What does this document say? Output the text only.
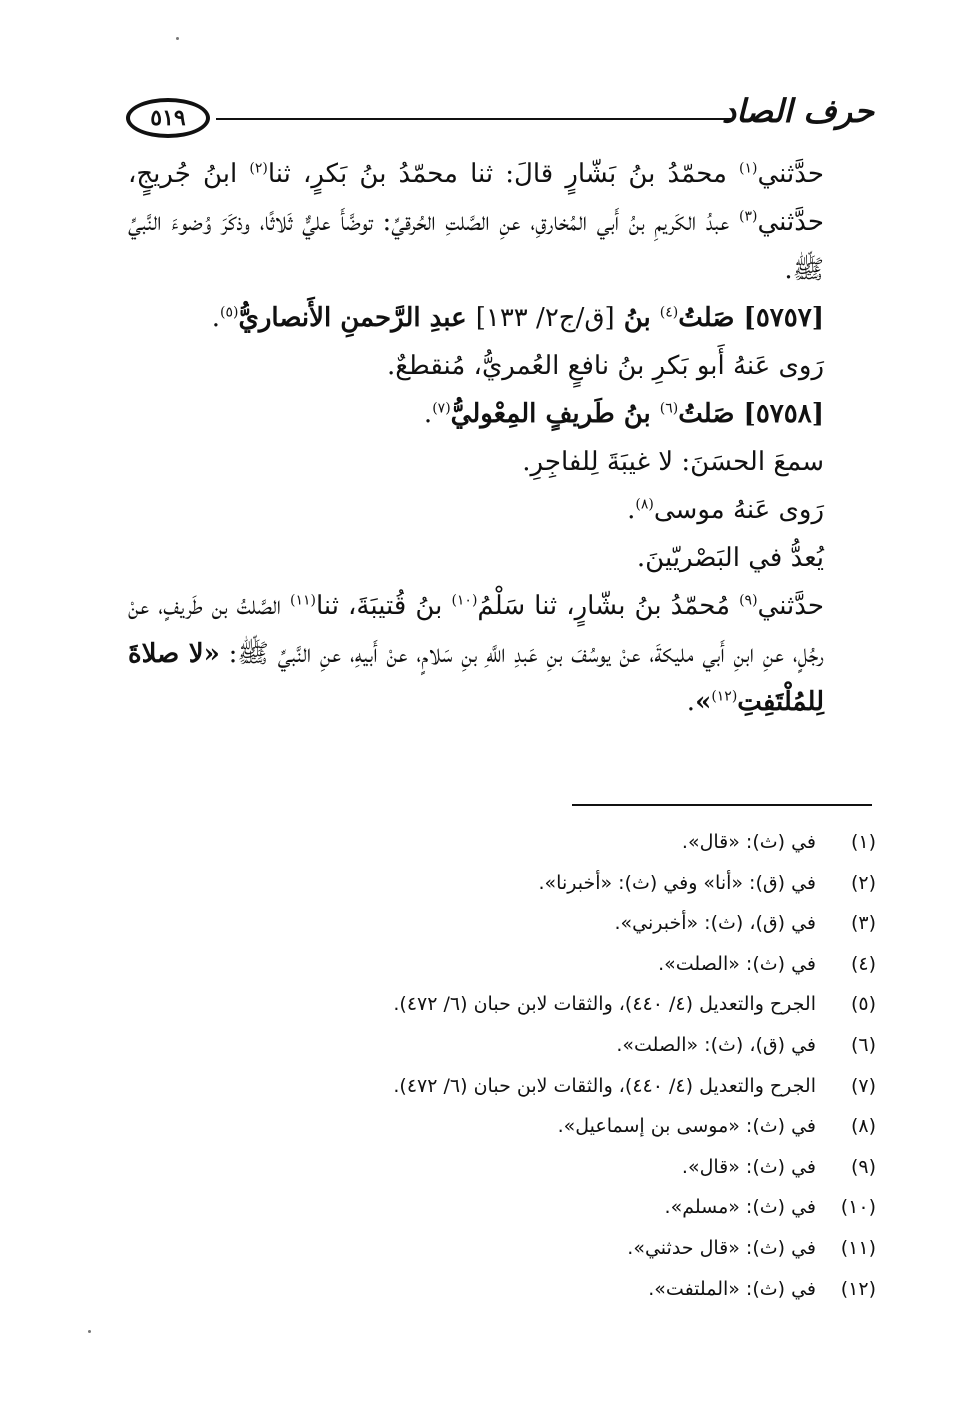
٥١٩	حرف الصاد

حدَّثني$^{(١)}$ محمّدُ بنُ بَشّارٍ قالَ: ثنا محمّدُ بنُ بَكرٍ، ثنا$^{(٢)}$ ابنُ جُريجٍ، حدَّثني$^{(٣)}$ عبدُ الكَريمِ بنُ أَبي المُخارقِ، عنِ الصَّلتِ الحُرقيِّ: توضَّأَ عليٌّ ثَلاثًا، وذكَرَ وُضوءَ النَّبيِّ ﷺ.

[٥٧٥٧] صَلتُ$^{(٤)}$ بنُ [ق/ج٢/ ١٣٣] عبدِ الرَّحمنِ الأَنصاريُّ$^{(٥)}$.

رَوى عَنهُ أَبو بَكرِ بنُ نافعٍ العُمريُّ، مُنقطعٌ.

[٥٧٥٨] صَلتُ$^{(٦)}$ بنُ طَريفٍ المِعْوليُّ$^{(٧)}$.

سمعَ الحسَنَ: لا غيبَةَ لِلفاجِرِ.

رَوى عَنهُ موسى$^{(٨)}$.

يُعدُّ في البَصْريّينَ.

حدَّثني$^{(٩)}$ مُحمّدُ بنُ بشّارٍ، ثنا سَلْمُ$^{(١٠)}$ بنُ قُتيبَةَ، ثنا$^{(١١)}$ الصَّلتُ بن طَريفٍ، عنْ رجُلٍ، عنِ ابنِ أَبي مليكةَ، عنْ يوسُفَ بنِ عَبدِ اللَّهِ بنِ سَلامٍ، عنْ أَبيهِ، عنِ النَّبيِّ ﷺ: «لا صلاةَ لِلمُلْتَفِتِ$^{(١٢)}$».

(١)
في (ث): «قال».
(٢)
في (ق): «أنا» وفي (ث): «أخبرنا».
(٣)
في (ق)، (ث): «أخبرني».
(٤)
في (ث): «الصلت».
(٥)
الجرح والتعديل (٤/ ٤٤٠)، والثقات لابن حبان (٦/ ٤٧٢).
(٦)
في (ق)، (ث): «الصلت».
(٧)
الجرح والتعديل (٤/ ٤٤٠)، والثقات لابن حبان (٦/ ٤٧٢).
(٨)
في (ث): «موسى بن إسماعيل».
(٩)
في (ث): «قال».
(١٠)
في (ث): «مسلم».
(١١)
في (ث): «قال حدثني».
(١٢)
في (ث): «الملتفت».
